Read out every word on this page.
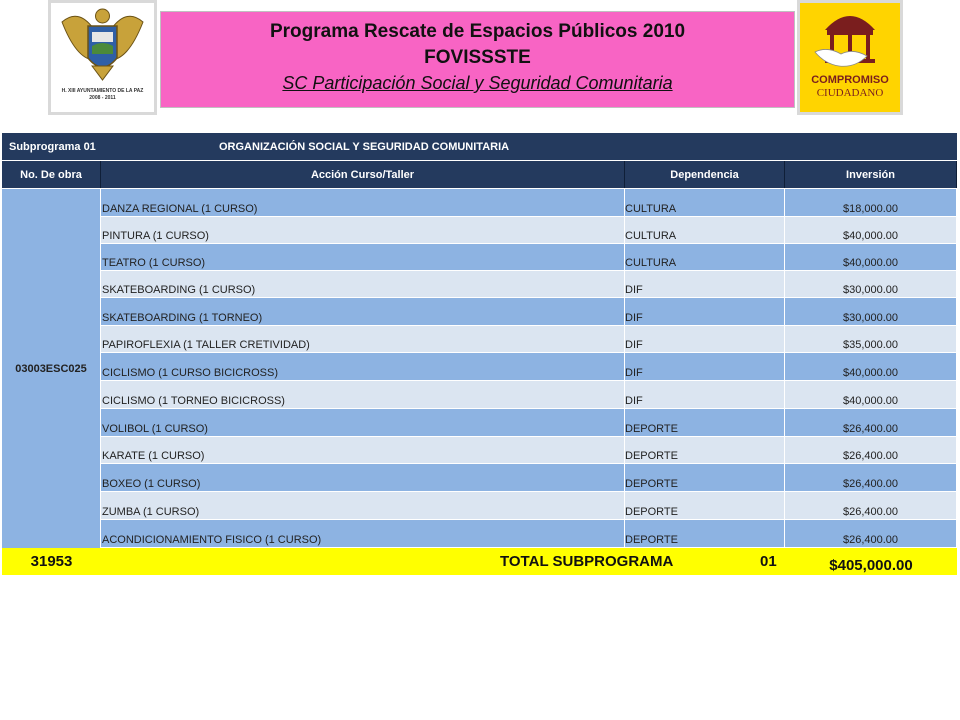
H. XIII AYUNTAMIENTO DE LA PAZ
2008 - 2011
Programa Rescate de Espacios Públicos 2010
FOVISSSTE
SC Participación Social y Seguridad Comunitaria	COMPROMISO
CIUDADANO
Subprograma 01	ORGANIZACIÓN SOCIAL Y SEGURIDAD COMUNITARIA
No. De obra	Acción Curso/Taller	Dependencia	Inversión
03003ESC025
DANZA REGIONAL (1 CURSO)	CULTURA	$18,000.00
PINTURA (1 CURSO)	CULTURA	$40,000.00
TEATRO (1 CURSO)	CULTURA	$40,000.00
SKATEBOARDING (1 CURSO)	DIF	$30,000.00
SKATEBOARDING (1 TORNEO)	DIF	$30,000.00
PAPIROFLEXIA (1 TALLER CRETIVIDAD)	DIF	$35,000.00
CICLISMO (1 CURSO BICICROSS)	DIF	$40,000.00
CICLISMO (1 TORNEO BICICROSS)	DIF	$40,000.00
VOLIBOL (1 CURSO)	DEPORTE	$26,400.00
KARATE (1 CURSO)	DEPORTE	$26,400.00
BOXEO (1 CURSO)	DEPORTE	$26,400.00
ZUMBA (1 CURSO)	DEPORTE	$26,400.00
ACONDICIONAMIENTO FISICO (1 CURSO)	DEPORTE	$26,400.00
31953	TOTAL SUBPROGRAMA	01	$405,000.00
